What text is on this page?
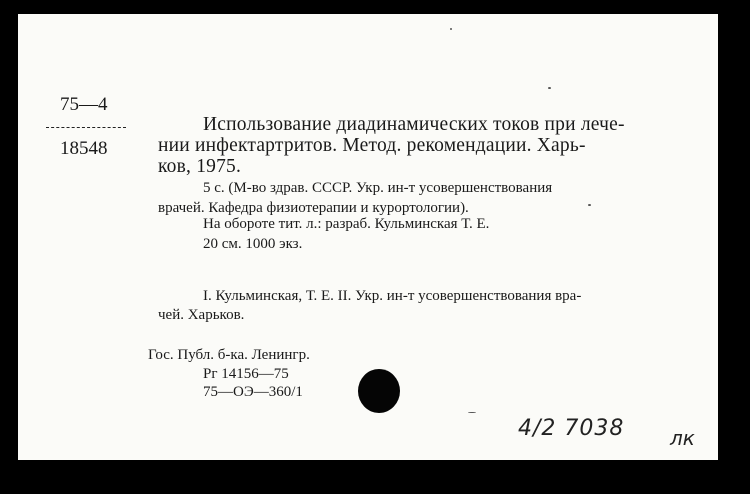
75—4

18548

Использование диадинамических токов при лече-

нии инфектартритов. Метод. рекомендации. Харь-

ков, 1975.

5 с. (М-во здрав. СССР. Укр. ин-т усовершенствования

врачей. Кафедра физиотерапии и курортологии).

На обороте тит. л.: разраб. Кульминская Т. Е.

20 см. 1000 экз.

I. Кульминская, Т. Е. II. Укр. ин-т усовершенствования вра-

чей. Харьков.

Гос. Публ. б-ка. Ленингр.

Рг 14156—75

75—ОЭ—360/1

4/2 7038 лк
